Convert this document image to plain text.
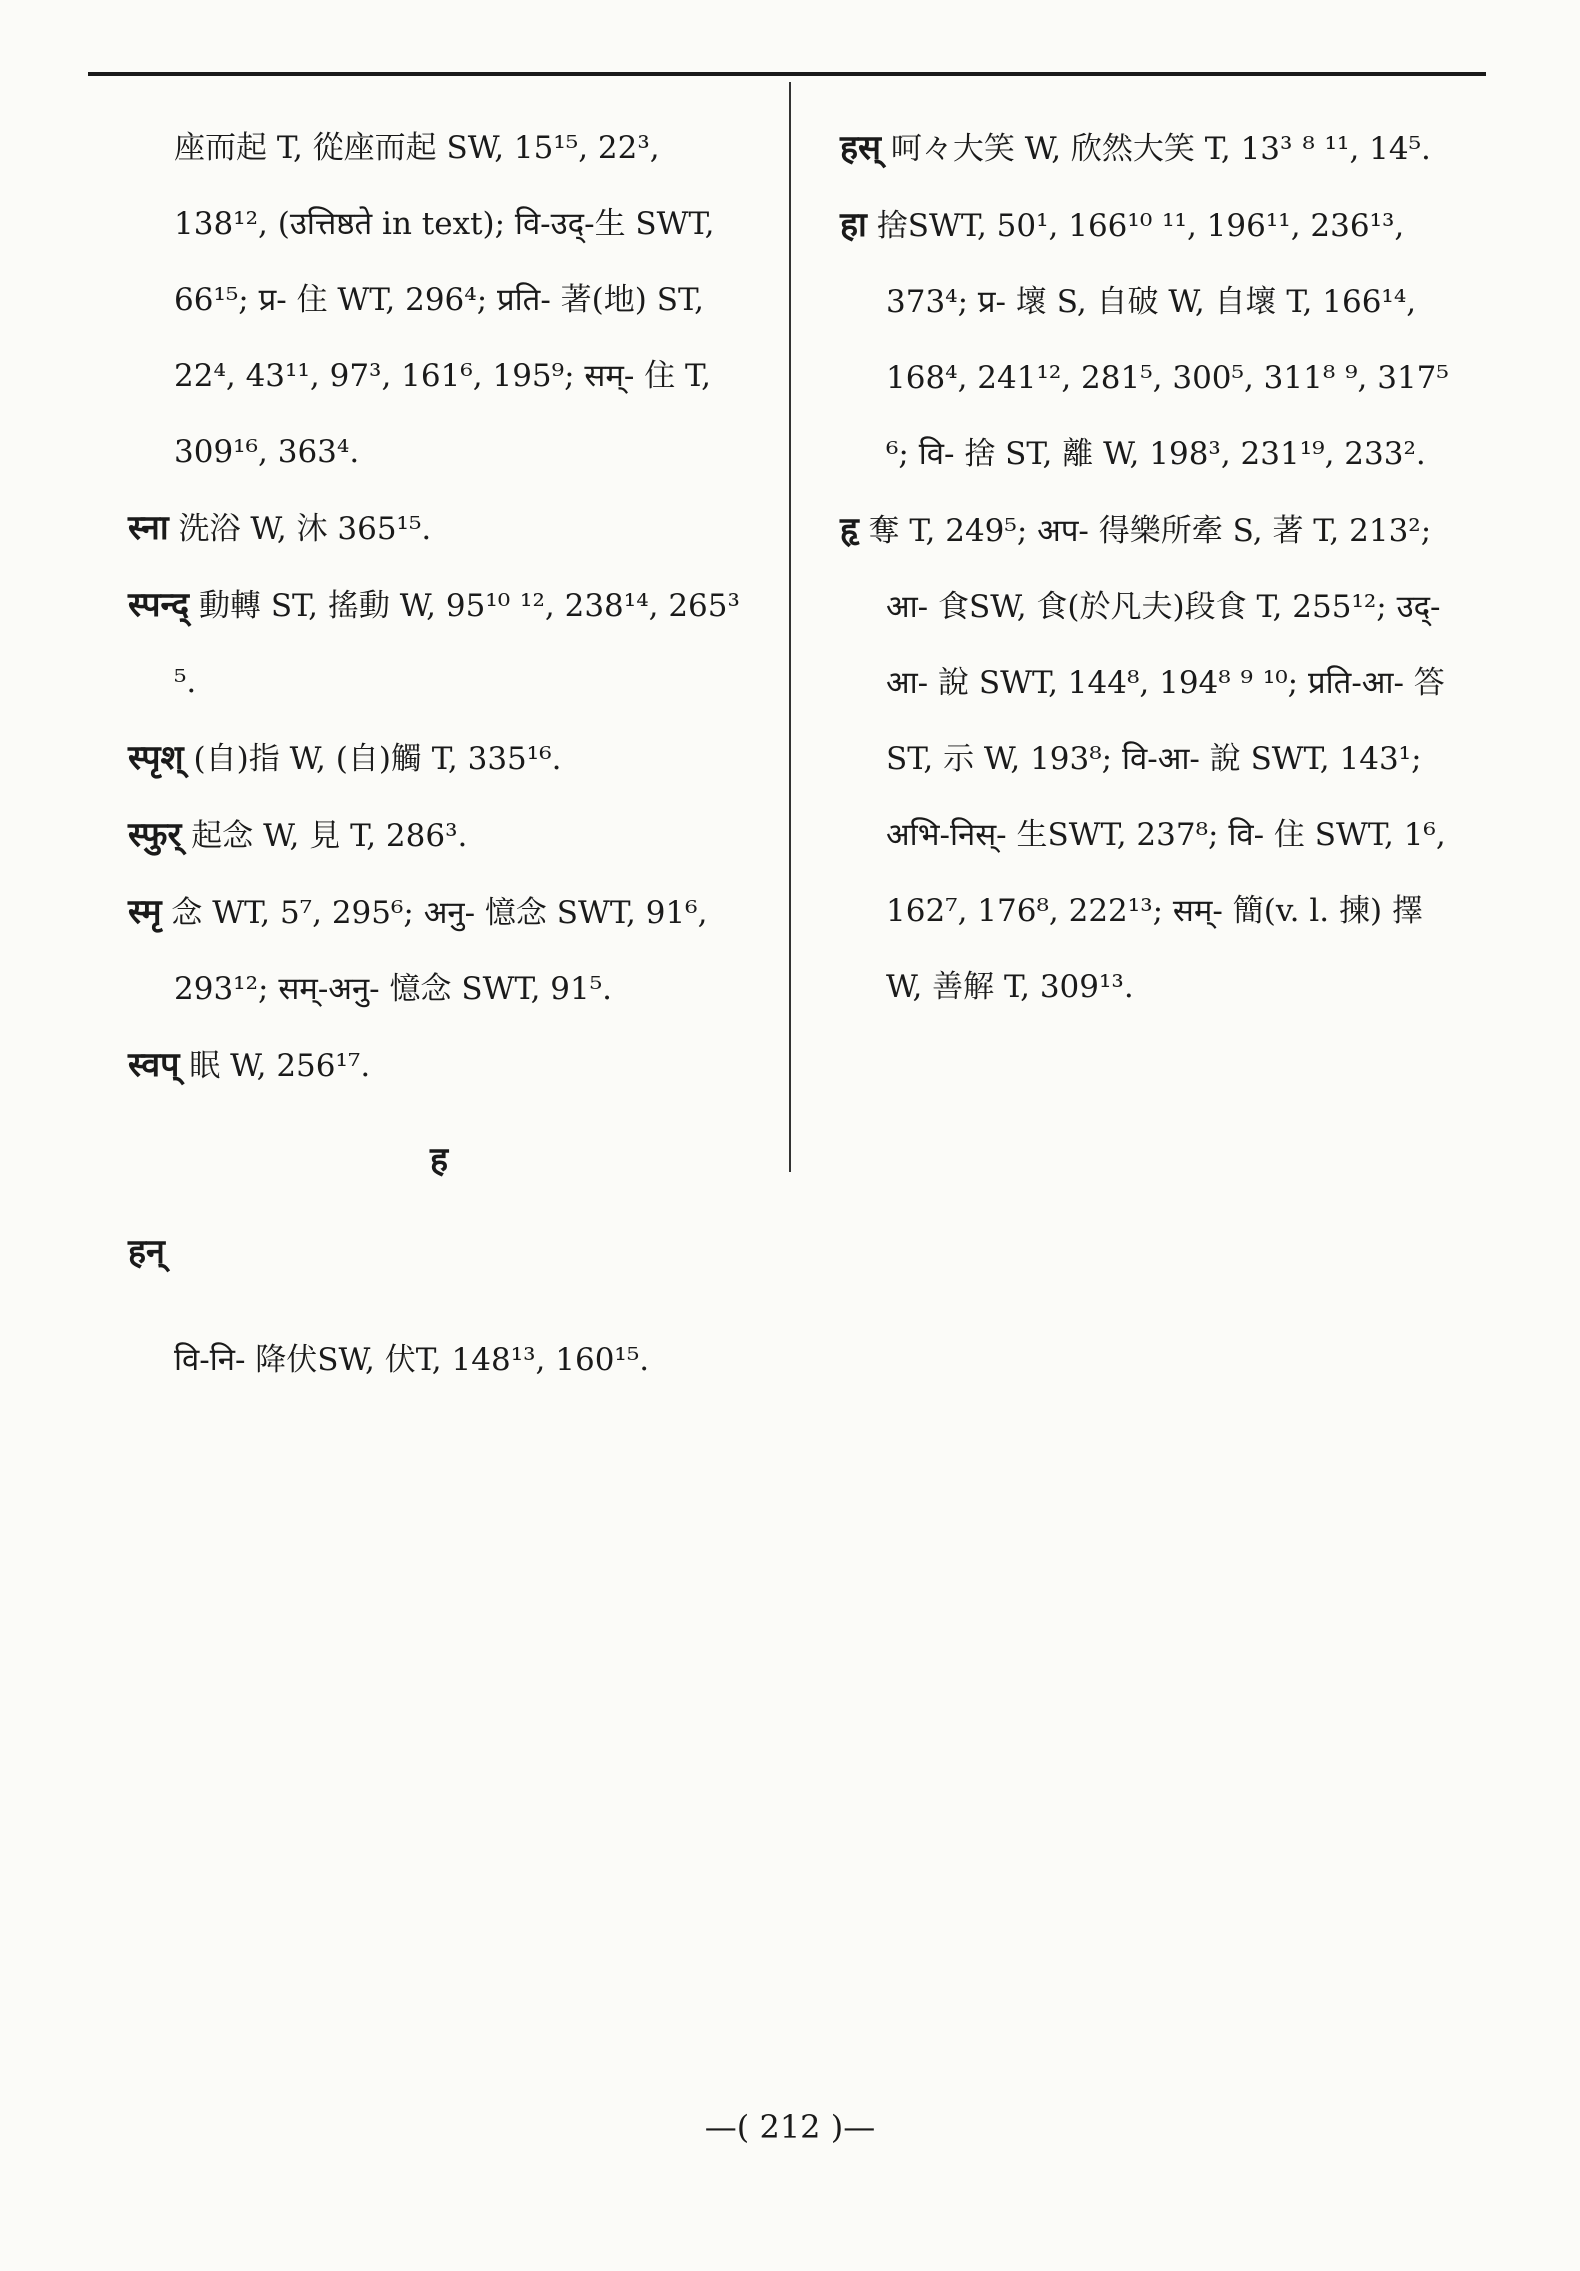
座而起 T, 從座而起 SW, 15¹⁵, 22³, 138¹², (उत्तिष्ठते in text); वि-उद्-生 SWT, 66¹⁵; प्र- 住 WT, 296⁴; प्रति- 著(地) ST, 22⁴, 43¹¹, 97³, 161⁶, 195⁹; सम्- 住 T, 309¹⁶, 363⁴.

स्ना 洗浴 W, 沐 365¹⁵.

स्पन्द् 動轉 ST, 搖動 W, 95¹⁰ ¹², 238¹⁴, 265³ ⁵.

स्पृश् (自)指 W, (自)觸 T, 335¹⁶.

स्फुर् 起念 W, 見 T, 286³.

स्मृ 念 WT, 5⁷, 295⁶; अनु- 憶念 SWT, 91⁶, 293¹²; सम्-अनु- 憶念 SWT, 91⁵.

स्वप् 眠 W, 256¹⁷.

ह

हन्

वि-नि- 降伏SW, 伏T, 148¹³, 160¹⁵.

हस् 呵々大笑 W, 欣然大笑 T, 13³ ⁸ ¹¹, 14⁵.

हा 捨SWT, 50¹, 166¹⁰ ¹¹, 196¹¹, 236¹³, 373⁴; प्र- 壞 S, 自破 W, 自壞 T, 166¹⁴, 168⁴, 241¹², 281⁵, 300⁵, 311⁸ ⁹, 317⁵ ⁶; वि- 捨 ST, 離 W, 198³, 231¹⁹, 233².

हृ 奪 T, 249⁵; अप- 得樂所牽 S, 著 T, 213²; आ- 食SW, 食(於凡夫)段食 T, 255¹²; उद्-आ- 說 SWT, 144⁸, 194⁸ ⁹ ¹⁰; प्रति-आ- 答 ST, 示 W, 193⁸; वि-आ- 說 SWT, 143¹; अभि-निस्- 生SWT, 237⁸; वि- 住 SWT, 1⁶, 162⁷, 176⁸, 222¹³; सम्- 簡(v. l. 揀) 擇 W, 善解 T, 309¹³.

—( 212 )—
